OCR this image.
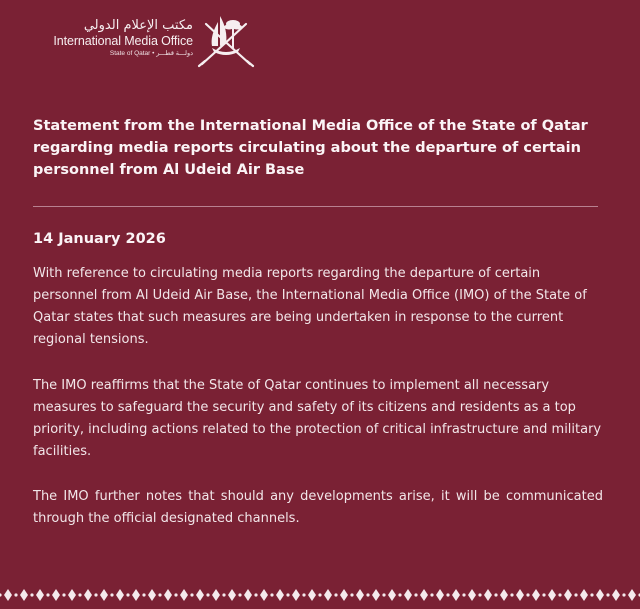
مكتب الإعلام الدولي
International Media Office
State of Qatar • دولـــة قطـــر
Statement from the International Media Office of the State of Qatar regarding media reports circulating about the departure of certain personnel from Al Udeid Air Base
14 January 2026
With reference to circulating media reports regarding the departure of certain personnel from Al Udeid Air Base, the International Media Office (IMO) of the State of Qatar states that such measures are being undertaken in response to the current regional tensions.
The IMO reaffirms that the State of Qatar continues to implement all necessary measures to safeguard the security and safety of its citizens and residents as a top priority, including actions related to the protection of critical infrastructure and military facilities.
The IMO further notes that should any developments arise, it will be communicated through the official designated channels.
